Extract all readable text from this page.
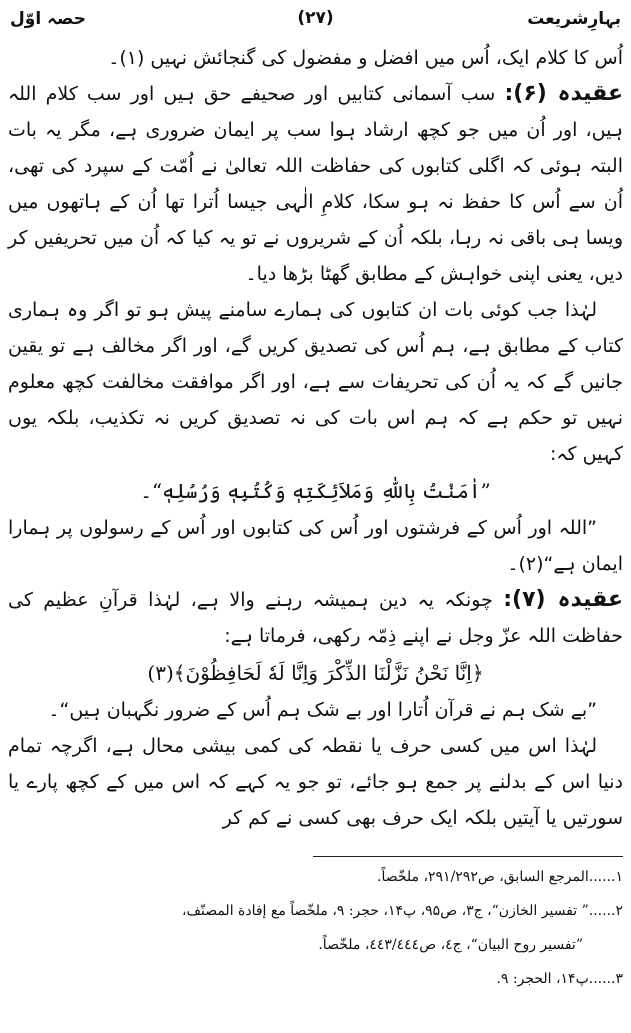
بہارِشریعت
(۲۷)
حصہ اوّل

اُس کا کلام ایک، اُس میں افضل و مفضول کی گنجائش نہیں (۱)۔

عقیدہ (۶): سب آسمانی کتابیں اور صحیفے حق ہیں اور سب کلام اللہ ہیں، اور اُن میں جو کچھ ارشاد ہوا سب پر ایمان ضروری ہے، مگر یہ بات البتہ ہوئی کہ اگلی کتابوں کی حفاظت اللہ تعالیٰ نے اُمّت کے سپرد کی تھی، اُن سے اُس کا حفظ نہ ہو سکا، کلامِ الٰہی جیسا اُترا تھا اُن کے ہاتھوں میں ویسا ہی باقی نہ رہا، بلکہ اُن کے شریروں نے تو یہ کیا کہ اُن میں تحریفیں کر دیں، یعنی اپنی خواہش کے مطابق گھٹا بڑھا دیا۔

لہٰذا جب کوئی بات ان کتابوں کی ہمارے سامنے پیش ہو تو اگر وہ ہماری کتاب کے مطابق ہے، ہم اُس کی تصدیق کریں گے، اور اگر مخالف ہے تو یقین جانیں گے کہ یہ اُن کی تحریفات سے ہے، اور اگر موافقت مخالفت کچھ معلوم نہیں تو حکم ہے کہ ہم اس بات کی نہ تصدیق کریں نہ تکذیب، بلکہ یوں کہیں کہ:

”اٰمَنْتُ بِاللّٰهِ وَمَلاَئِكَتِهٖ وَكُتُبِهٖ وَرُسُلِهٖ“۔

”اللہ اور اُس کے فرشتوں اور اُس کی کتابوں اور اُس کے رسولوں پر ہمارا ایمان ہے“(۲)۔

عقیدہ (۷): چونکہ یہ دین ہمیشہ رہنے والا ہے، لہٰذا قرآنِ عظیم کی حفاظت اللہ عزّ وجل نے اپنے ذِمّہ رکھی، فرماتا ہے:

﴿اِنَّا نَحْنُ نَزَّلْنَا الذِّكْرَ وَاِنَّا لَهٗ لَحَافِظُوْنَ﴾(۳)

”بے شک ہم نے قرآن اُتارا اور بے شک ہم اُس کے ضرور نگہبان ہیں“۔

لہٰذا اس میں کسی حرف یا نقطہ کی کمی بیشی محال ہے، اگرچہ تمام دنیا اس کے بدلنے پر جمع ہو جائے، تو جو یہ کہے کہ اس میں کے کچھ پارے یا سورتیں یا آیتیں بلکہ ایک حرف بھی کسی نے کم کر

۱......المرجع السابق، ص۲۹۱/۲۹۲، ملخّصاً.

۲......” تفسیر الخازن“، ج۳، ص۹۵، پ۱۴، حجر: ۹، ملخّصاً مع إفادة المصنّف،

”تفسیر روح البیان“، ج٤، ص٤٤٣/٤٤٤، ملخّصاً.

۳......پ۱۴، الحجر: ۹.
